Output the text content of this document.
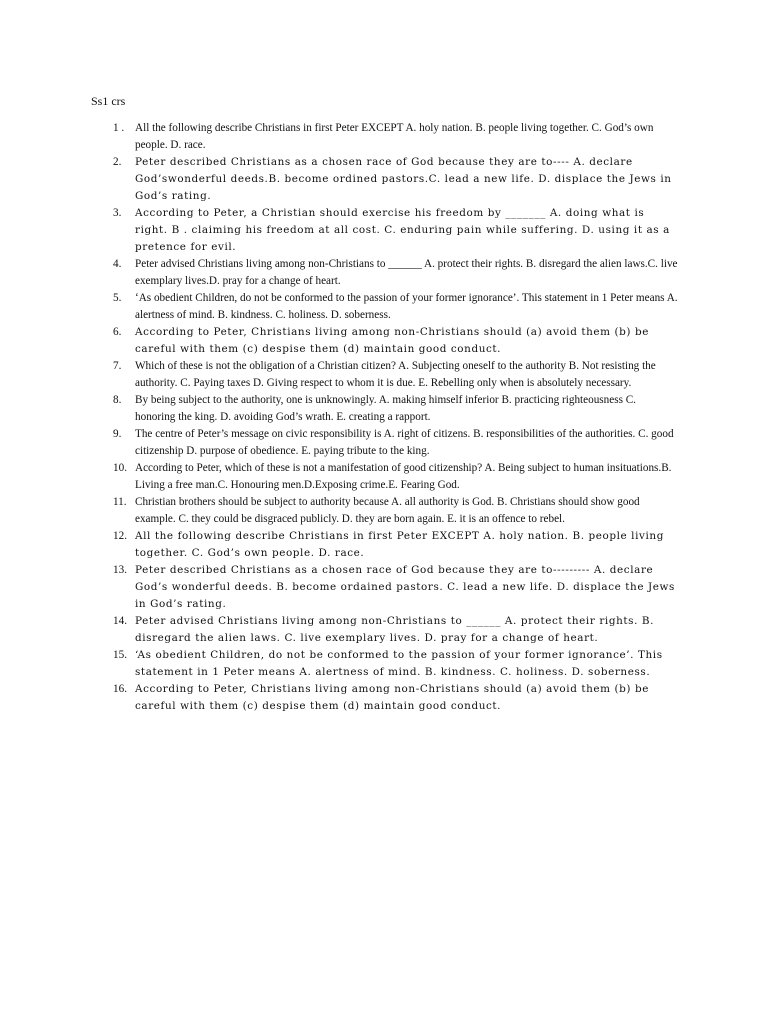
Ss1 crs
1 . All the following describe Christians in first Peter EXCEPT A. holy nation. B. people living together. C. God’s own people. D. race.
2. Peter described Christians as a chosen race of God because they are to---- A. declare God’swonderful deeds.B. become ordined pastors.C. lead a new life. D. displace the Jews in God’s rating.
3. According to Peter, a Christian should exercise his freedom by _______ A. doing what is right. B . claiming his freedom at all cost. C. enduring pain while suffering. D. using it as a pretence for evil.
4. Peter advised Christians living among non-Christians to ______ A. protect their rights. B. disregard the alien laws.C. live exemplary lives.D. pray for a change of heart.
5. ‘As obedient Children, do not be conformed to the passion of your former ignorance’. This statement in 1 Peter means A. alertness of mind. B. kindness. C. holiness. D. soberness.
6. According to Peter, Christians living among non-Christians should (a) avoid them (b) be careful with them (c) despise them (d) maintain good conduct.
7. Which of these is not the obligation of a Christian citizen? A. Subjecting oneself to the authority B. Not resisting the authority. C. Paying taxes D. Giving respect to whom it is due. E. Rebelling only when is absolutely necessary.
8. By being subject to the authority, one is unknowingly. A. making himself inferior B. practicing righteousness C. honoring the king. D. avoiding God’s wrath. E. creating a rapport.
9. The centre of Peter’s message on civic responsibility is A. right of citizens. B. responsibilities of the authorities. C. good citizenship D. purpose of obedience. E. paying tribute to the king.
10. According to Peter, which of these is not a manifestation of good citizenship? A. Being subject to human insituations.B. Living a free man.C. Honouring men.D.Exposing crime.E. Fearing God.
11. Christian brothers should be subject to authority because A. all authority is God. B. Christians should show good example. C. they could be disgraced publicly. D. they are born again. E. it is an offence to rebel.
12. All the following describe Christians in first Peter EXCEPT A. holy nation. B. people living together. C. God’s own people. D. race.
13. Peter described Christians as a chosen race of God because they are to--------- A. declare God’s wonderful deeds. B. become ordained pastors. C. lead a new life. D. displace the Jews in God’s rating.
14. Peter advised Christians living among non-Christians to ______ A. protect their rights. B. disregard the alien laws. C. live exemplary lives. D. pray for a change of heart.
15. ‘As obedient Children, do not be conformed to the passion of your former ignorance’. This statement in 1 Peter means A. alertness of mind. B. kindness. C. holiness. D. soberness.
16. According to Peter, Christians living among non-Christians should (a) avoid them (b) be careful with them (c) despise them (d) maintain good conduct.
